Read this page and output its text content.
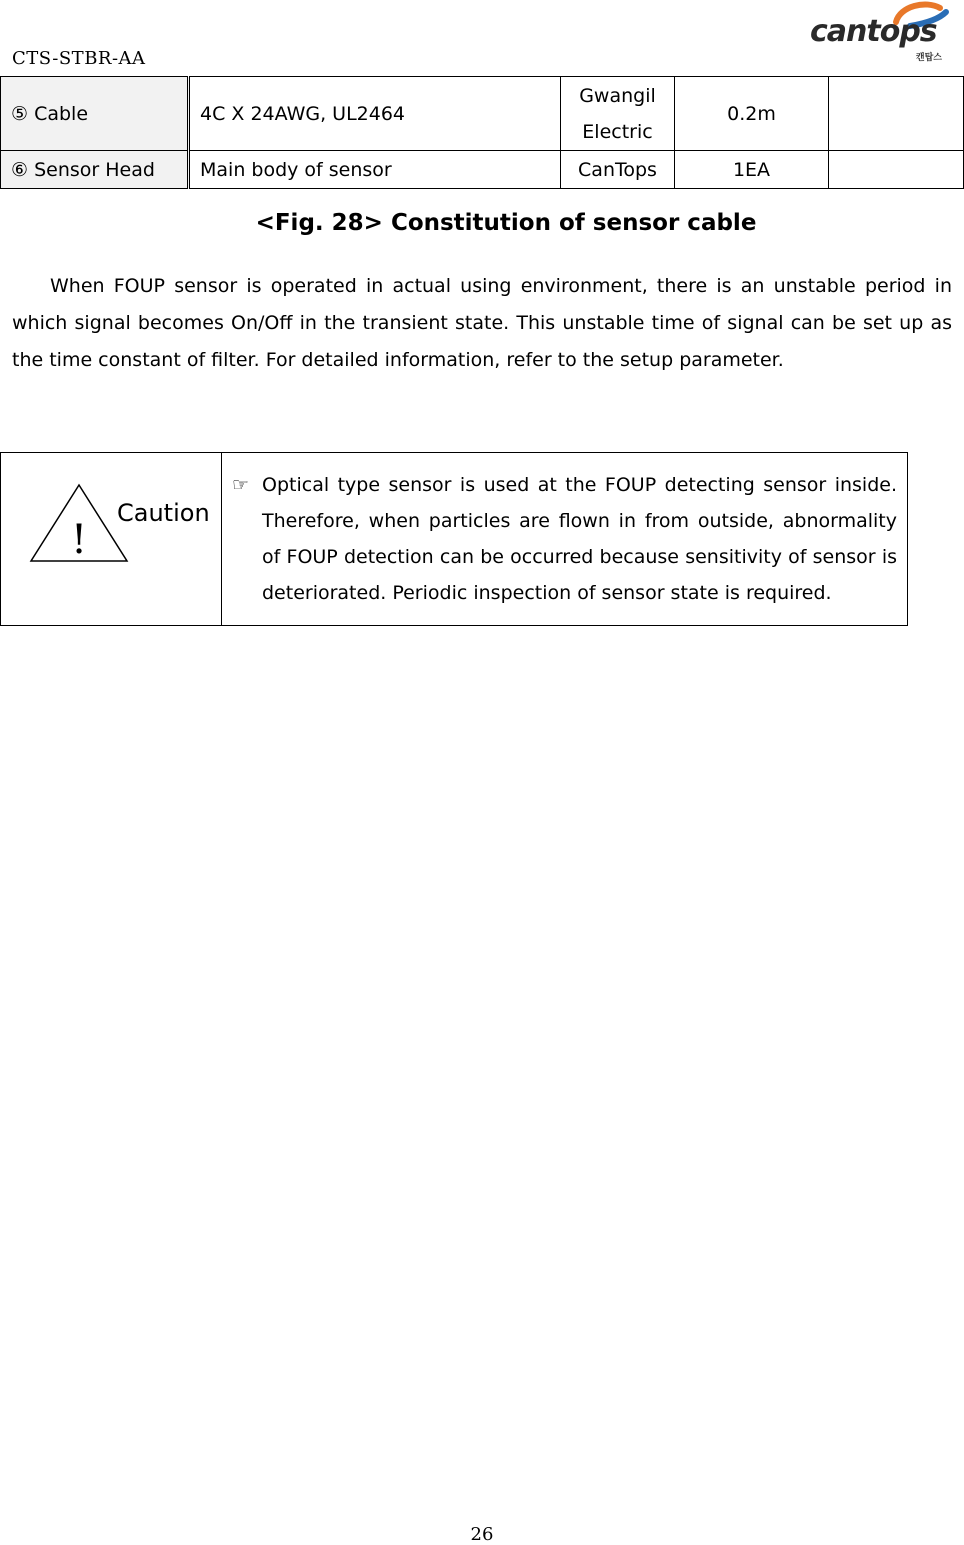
CTS-STBR-AA
cantops
캔탑스
⑤ Cable	4C X 24AWG, UL2464	Gwangil Electric	0.2m	
⑥ Sensor Head	Main body of sensor	CanTops	1EA	
<Fig. 28> Constitution of sensor cable
When FOUP sensor is operated in actual using environment, there is an unstable period in which signal becomes On/Off in the transient state. This unstable time of signal can be set up as the time constant of filter. For detailed information, refer to the setup parameter.
!
Caution

☞ Optical type sensor is used at the FOUP detecting sensor inside. Therefore, when particles are flown in from outside, abnormality of FOUP detection can be occurred because sensitivity of sensor is deteriorated. Periodic inspection of sensor state is required.
26
